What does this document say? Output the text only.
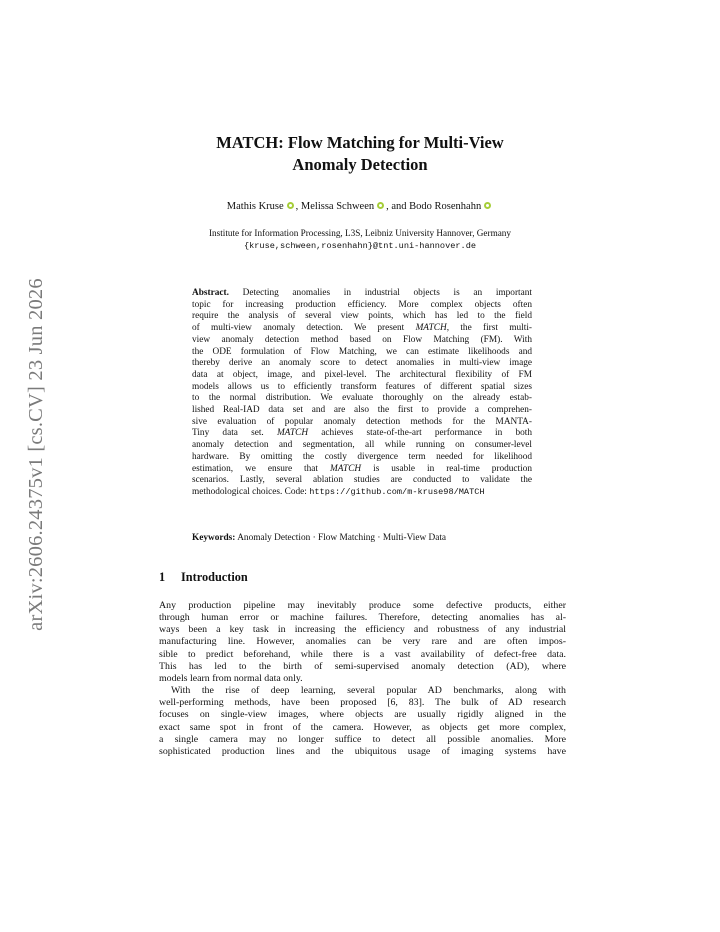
arXiv:2606.24375v1 [cs.CV] 23 Jun 2026
MATCH: Flow Matching for Multi-View
Anomaly Detection
Mathis Kruse , Melissa Schween , and Bodo Rosenhahn
Institute for Information Processing, L3S, Leibniz University Hannover, Germany
{kruse,schween,rosenhahn}@tnt.uni-hannover.de
Abstract. Detecting anomalies in industrial objects is an important
topic for increasing production efficiency. More complex objects often
require the analysis of several view points, which has led to the field
of multi-view anomaly detection. We present MATCH, the first multi-
view anomaly detection method based on Flow Matching (FM). With
the ODE formulation of Flow Matching, we can estimate likelihoods and
thereby derive an anomaly score to detect anomalies in multi-view image
data at object, image, and pixel-level. The architectural flexibility of FM
models allows us to efficiently transform features of different spatial sizes
to the normal distribution. We evaluate thoroughly on the already estab-
lished Real-IAD data set and are also the first to provide a comprehen-
sive evaluation of popular anomaly detection methods for the MANTA-
Tiny data set. MATCH achieves state-of-the-art performance in both
anomaly detection and segmentation, all while running on consumer-level
hardware. By omitting the costly divergence term needed for likelihood
estimation, we ensure that MATCH is usable in real-time production
scenarios. Lastly, several ablation studies are conducted to validate the
methodological choices. Code: https://github.com/m-kruse98/MATCH
Keywords: Anomaly Detection · Flow Matching · Multi-View Data
1 Introduction
Any production pipeline may inevitably produce some defective products, either
through human error or machine failures. Therefore, detecting anomalies has al-
ways been a key task in increasing the efficiency and robustness of any industrial
manufacturing line. However, anomalies can be very rare and are often impos-
sible to predict beforehand, while there is a vast availability of defect-free data.
This has led to the birth of semi-supervised anomaly detection (AD), where
models learn from normal data only.
With the rise of deep learning, several popular AD benchmarks, along with
well-performing methods, have been proposed [6, 83]. The bulk of AD research
focuses on single-view images, where objects are usually rigidly aligned in the
exact same spot in front of the camera. However, as objects get more complex,
a single camera may no longer suffice to detect all possible anomalies. More
sophisticated production lines and the ubiquitous usage of imaging systems have
